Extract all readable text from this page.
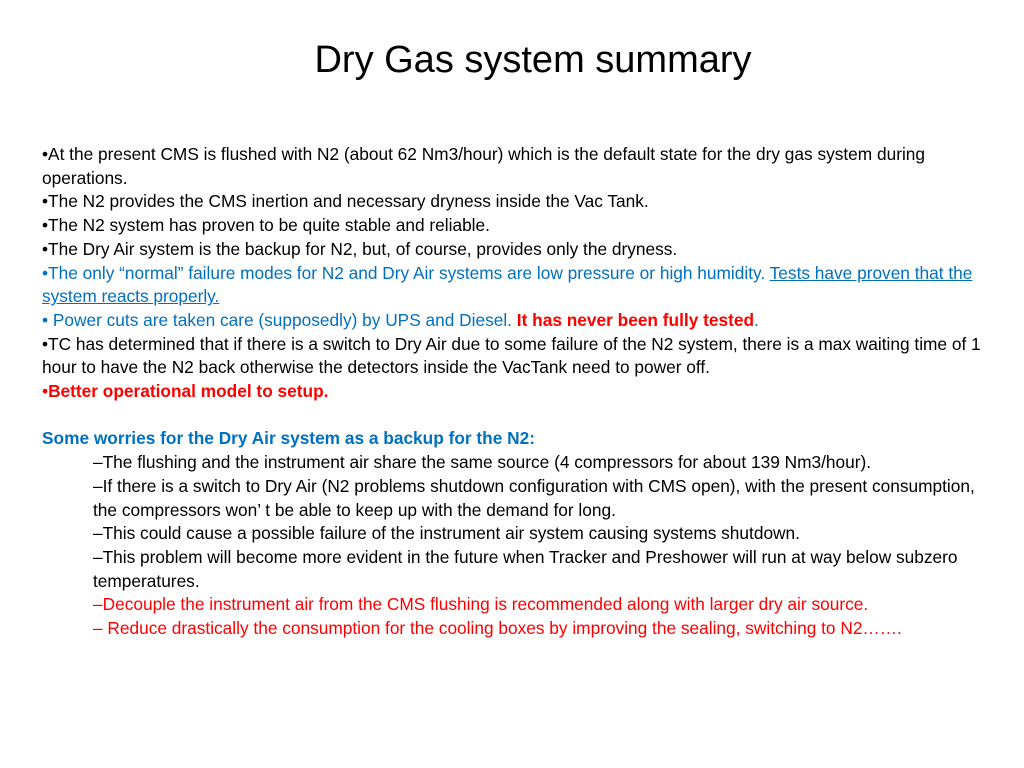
Dry Gas system summary

•At the present CMS is flushed with N2 (about 62 Nm3/hour) which is the default state for the dry gas system during operations.

•The N2 provides the CMS inertion and necessary dryness inside the Vac Tank.

•The N2 system has proven to be quite stable and reliable.

•The Dry Air system is the backup for N2, but, of course, provides only the dryness.

•The only “normal” failure modes for N2 and Dry Air systems are low pressure or high humidity. Tests have proven that the system reacts properly.

• Power cuts are taken care (supposedly) by UPS and Diesel. It has never been fully tested.

•TC has determined that if there is a switch to Dry Air due to some failure of the N2 system, there is a max waiting time of 1 hour to have the N2 back otherwise the detectors inside the VacTank need to power off.

•Better operational model to setup.

Some worries for the Dry Air system as a backup for the N2:

–The flushing and the instrument air share the same source (4 compressors for about 139 Nm3/hour).

–If there is a switch to Dry Air (N2 problems shutdown configuration with CMS open), with the present consumption, the compressors won’ t be able to keep up with the demand for long.

–This could cause a possible failure of the instrument air system causing systems shutdown.

–This problem will become more evident in the future when Tracker and Preshower will run at way below subzero temperatures.

–Decouple the instrument air from the CMS flushing is recommended along with larger dry air source.

– Reduce drastically the consumption for the cooling boxes by improving the sealing, switching to N2…….
